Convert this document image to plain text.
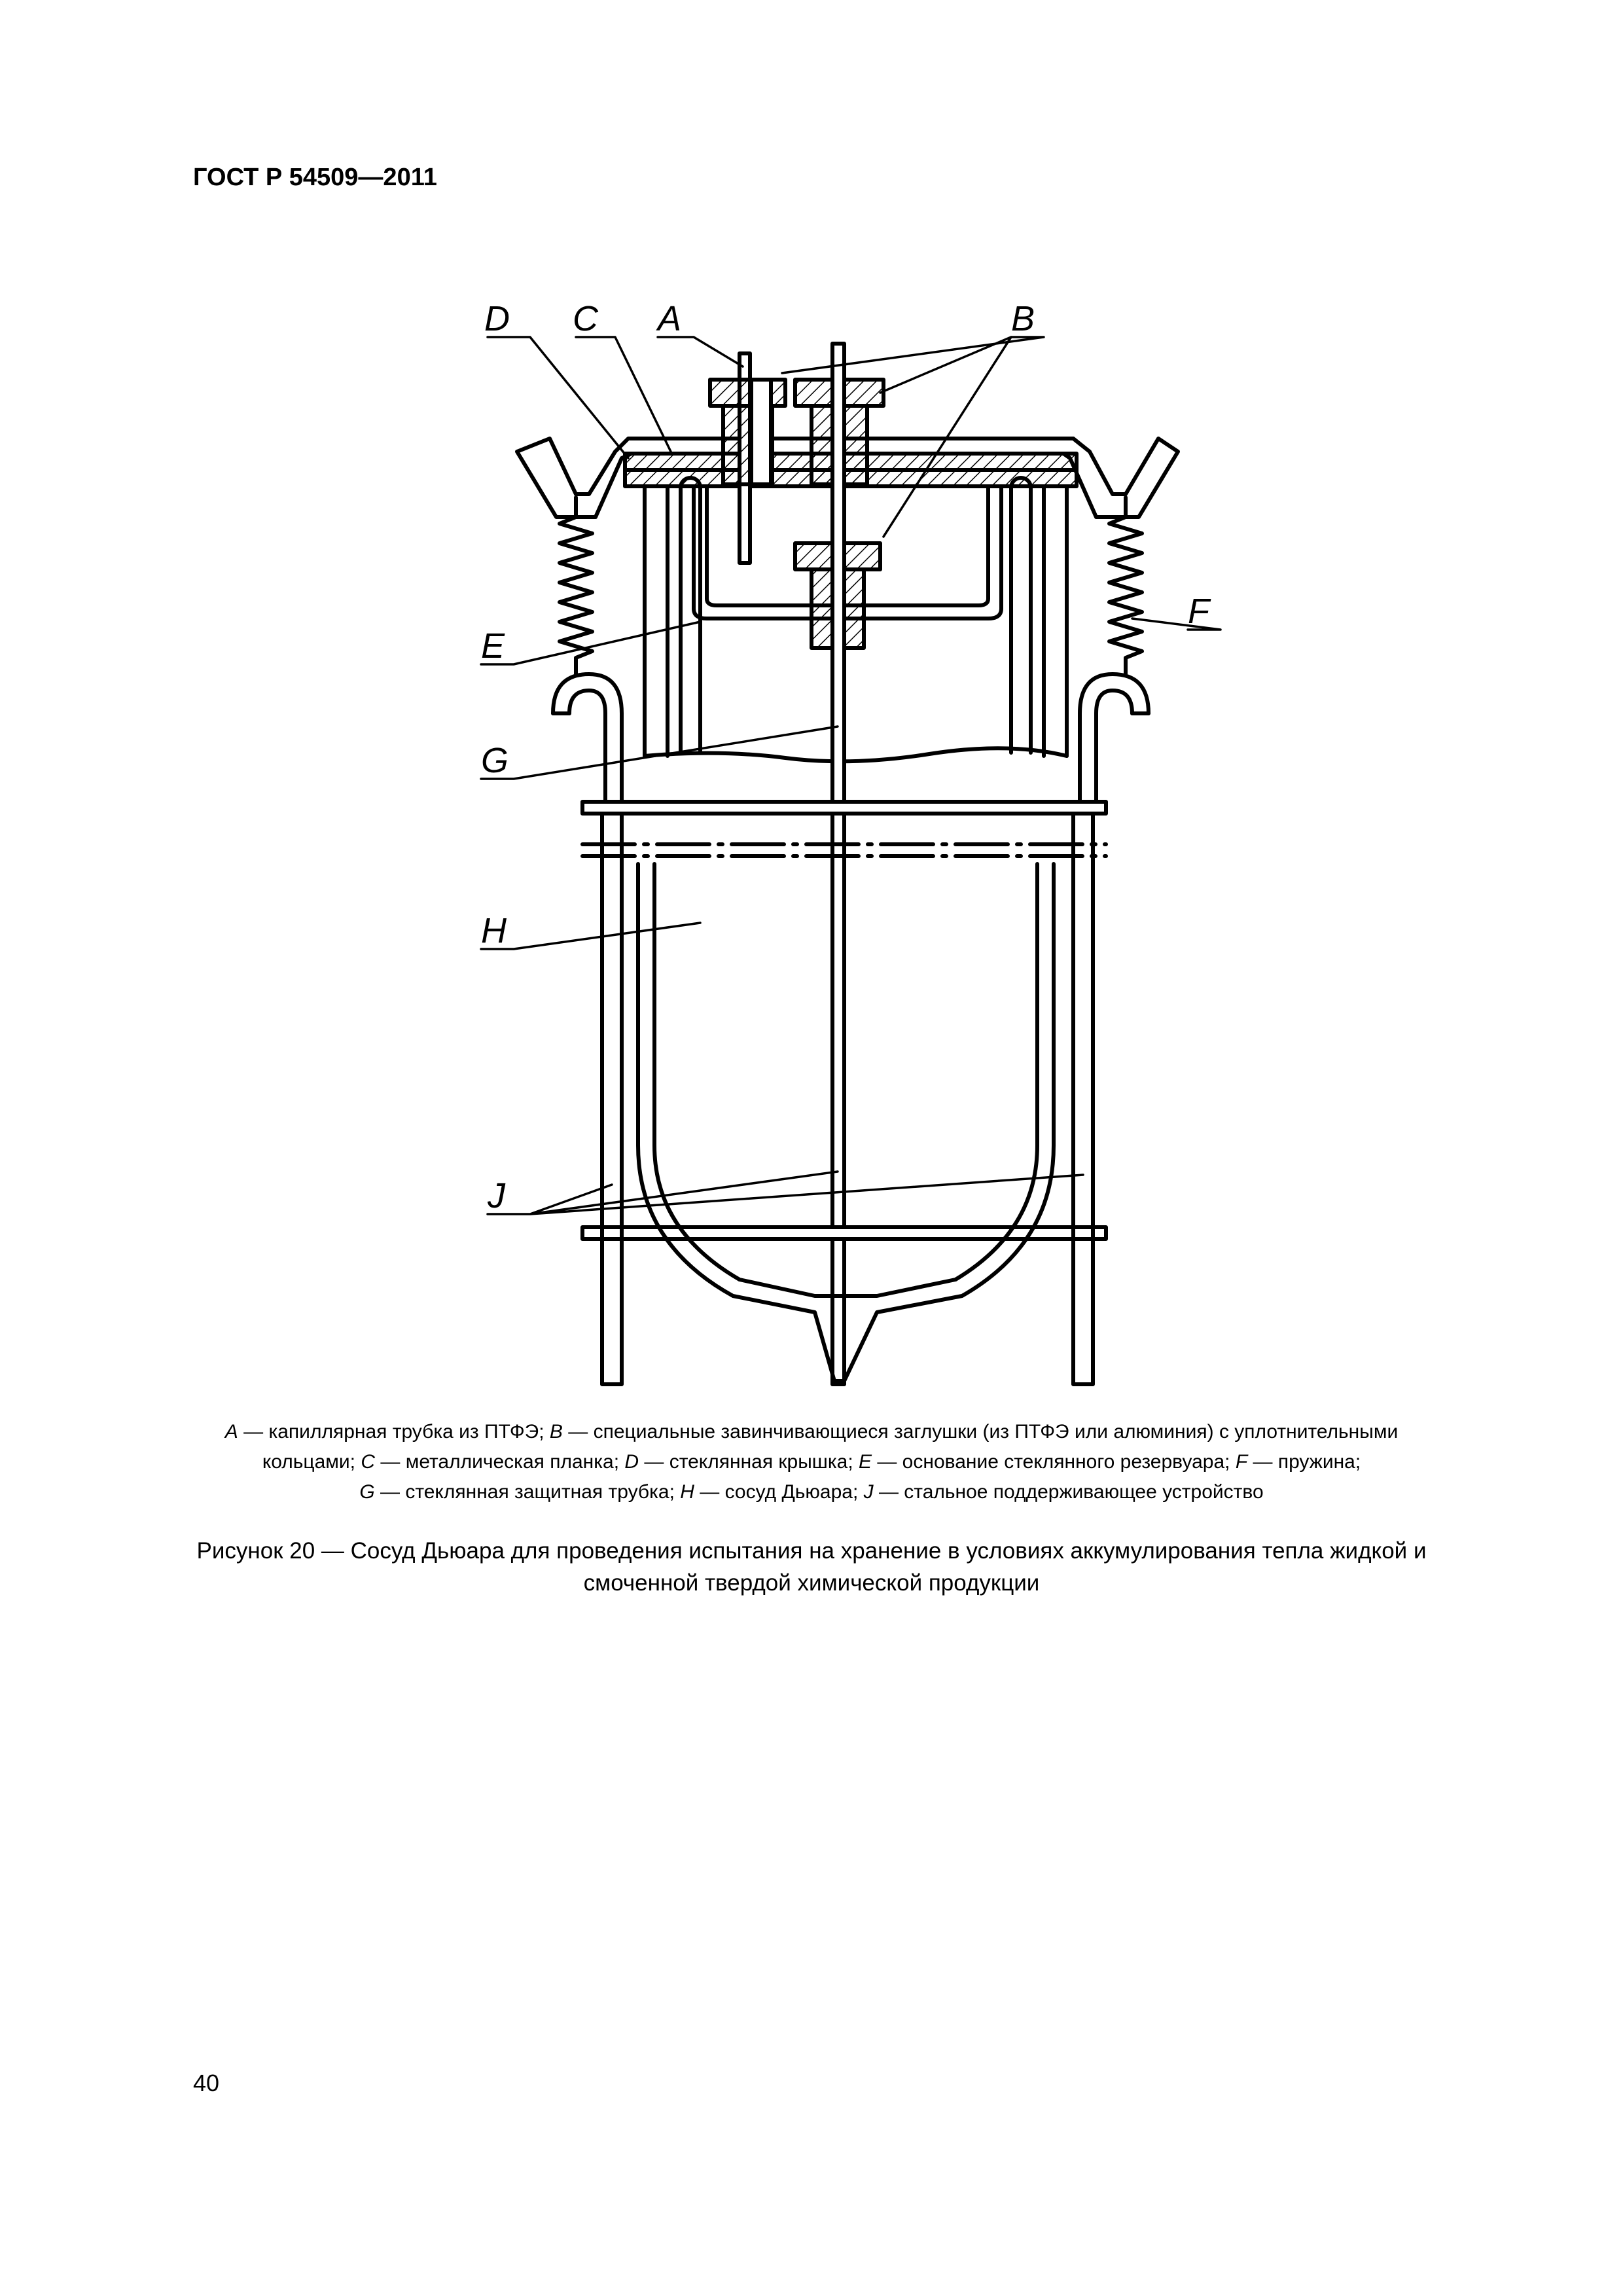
ГОСТ Р 54509—2011
D C A	B
E
F
G
H
J
A — капиллярная трубка из ПТФЭ; B — специальные завинчивающиеся заглушки (из ПТФЭ или алюминия) с уплотнительными
кольцами; C — металлическая планка; D — стеклянная крышка; E — основание стеклянного резервуара; F — пружина;
G — стеклянная защитная трубка; H — сосуд Дьюара; J — стальное поддерживающее устройство
Рисунок 20 — Сосуд Дьюара для проведения испытания на хранение в условиях аккумулирования тепла жидкой и
смоченной твердой химической продукции
40
